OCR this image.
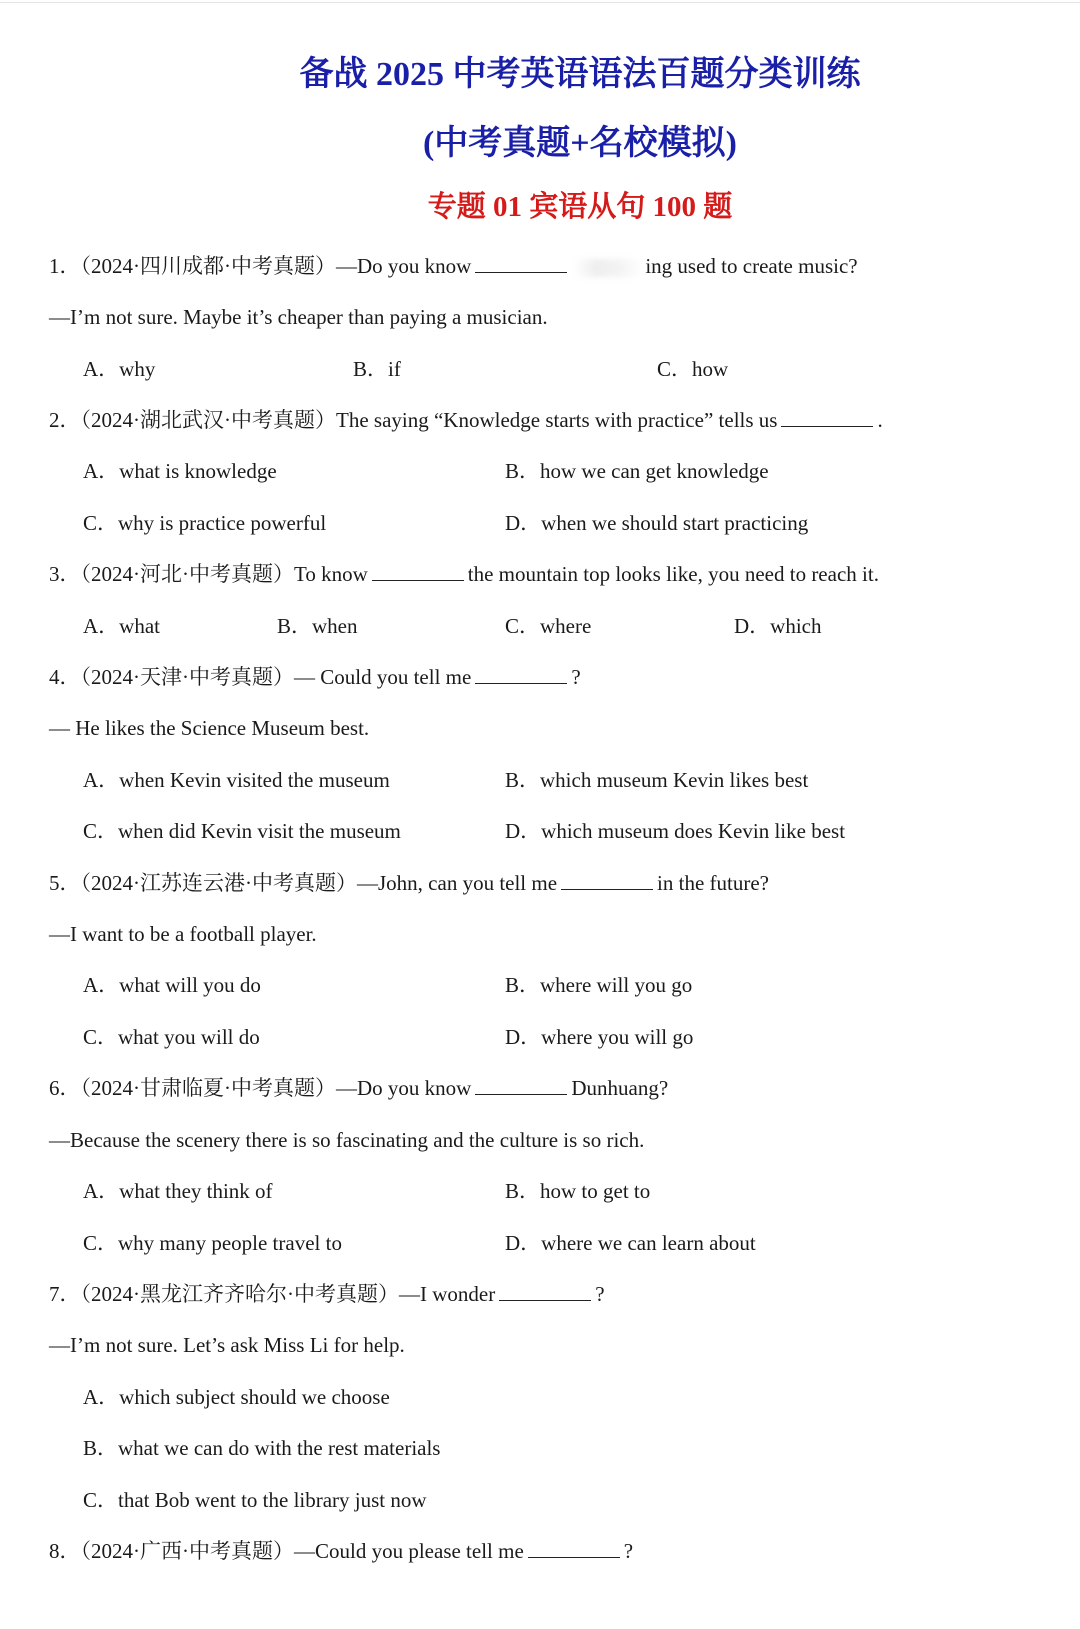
备战 2025 中考英语语法百题分类训练
(中考真题+名校模拟)
专题 01 宾语从句 100 题
1．（2024·四川成都·中考真题）—Do you know	ing used to create music?
—I’m not sure. Maybe it’s cheaper than paying a musician.
A．why	B．if	C．how
2．（2024·湖北武汉·中考真题）The saying “Knowledge starts with practice” tells us	.
A．what is knowledge	B．how we can get knowledge
C．why is practice powerful	D．when we should start practicing
3．（2024·河北·中考真题）To know	the mountain top looks like, you need to reach it.
A．what	B．when	C．where	D．which
4．（2024·天津·中考真题）— Could you tell me	?
— He likes the Science Museum best.
A．when Kevin visited the museum	B．which museum Kevin likes best
C．when did Kevin visit the museum	D．which museum does Kevin like best
5．（2024·江苏连云港·中考真题）—John, can you tell me	in the future?
—I want to be a football player.
A．what will you do	B．where will you go
C．what you will do	D．where you will go
6．（2024·甘肃临夏·中考真题）—Do you know	Dunhuang?
—Because the scenery there is so fascinating and the culture is so rich.
A．what they think of	B．how to get to
C．why many people travel to	D．where we can learn about
7．（2024·黑龙江齐齐哈尔·中考真题）—I wonder	?
—I’m not sure. Let’s ask Miss Li for help.
A．which subject should we choose
B．what we can do with the rest materials
C．that Bob went to the library just now
8．（2024·广西·中考真题）—Could you please tell me	?
